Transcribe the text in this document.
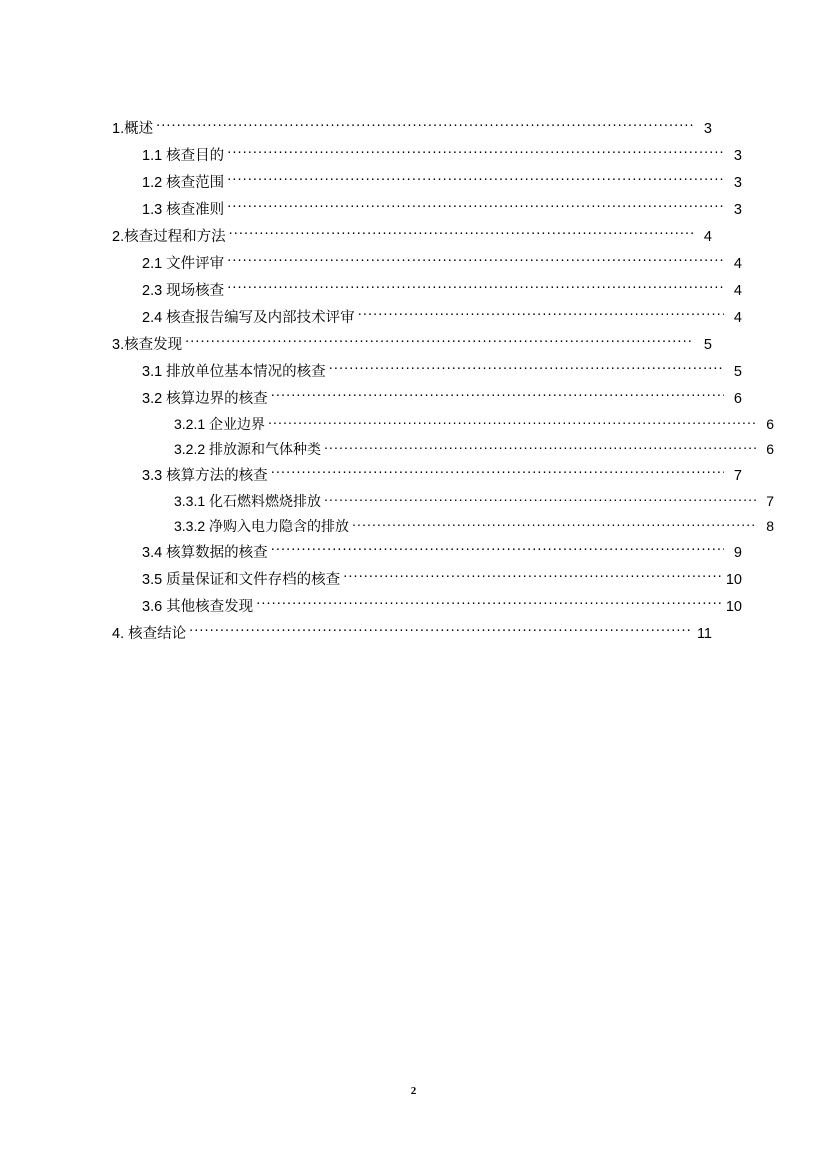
1.概述 .....	3
1.1 核查目的 .....	3
1.2 核查范围 .....	3
1.3 核查准则 .....	3
2.核查过程和方法 .....	4
2.1 文件评审 .....	4
2.3 现场核查 .....	4
2.4 核查报告编写及内部技术评审 .....	4
3.核查发现 .....	5
3.1 排放单位基本情况的核查 .....	5
3.2 核算边界的核查 .....	6
3.2.1 企业边界 .....	6
3.2.2 排放源和气体种类 .....	6
3.3 核算方法的核查 .....	7
3.3.1 化石燃料燃烧排放 .....	7
3.3.2 净购入电力隐含的排放 .....	8
3.4 核算数据的核查 .....	9
3.5 质量保证和文件存档的核查 .....	10
3.6 其他核查发现 .....	10
4. 核查结论 .....	11
2
